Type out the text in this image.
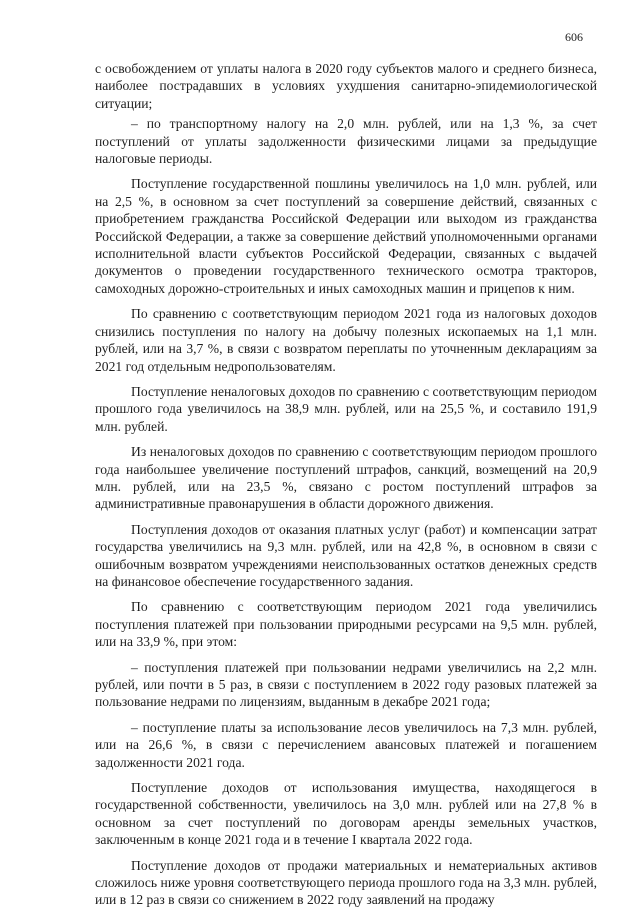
606

с освобождением от уплаты налога в 2020 году субъектов малого и среднего бизнеса, наиболее пострадавших в условиях ухудшения санитарно-эпидемиологической ситуации;

– по транспортному налогу на 2,0 млн. рублей, или на 1,3 %, за счет поступлений от уплаты задолженности физическими лицами за предыдущие налоговые периоды.

Поступление государственной пошлины увеличилось на 1,0 млн. рублей, или на 2,5 %, в основном за счет поступлений за совершение действий, связанных с приобретением гражданства Российской Федерации или выходом из гражданства Российской Федерации, а также за совершение действий уполномоченными органами исполнительной власти субъектов Российской Федерации, связанных с выдачей документов о проведении государственного технического осмотра тракторов, самоходных дорожно-строительных и иных самоходных машин и прицепов к ним.

По сравнению с соответствующим периодом 2021 года из налоговых доходов снизились поступления по налогу на добычу полезных ископаемых на 1,1 млн. рублей, или на 3,7 %, в связи с возвратом переплаты по уточненным декларациям за 2021 год отдельным недропользователям.

Поступление неналоговых доходов по сравнению с соответствующим периодом прошлого года увеличилось на 38,9 млн. рублей, или на 25,5 %, и составило 191,9 млн. рублей.

Из неналоговых доходов по сравнению с соответствующим периодом прошлого года наибольшее увеличение поступлений штрафов, санкций, возмещений на 20,9 млн. рублей, или на 23,5 %, связано с ростом поступлений штрафов за административные правонарушения в области дорожного движения.

Поступления доходов от оказания платных услуг (работ) и компенсации затрат государства увеличились на 9,3 млн. рублей, или на 42,8 %, в основном в связи с ошибочным возвратом учреждениями неиспользованных остатков денежных средств на финансовое обеспечение государственного задания.

По сравнению с соответствующим периодом 2021 года увеличились поступления платежей при пользовании природными ресурсами на 9,5 млн. рублей, или на 33,9 %, при этом:

– поступления платежей при пользовании недрами увеличились на 2,2 млн. рублей, или почти в 5 раз, в связи с поступлением в 2022 году разовых платежей за пользование недрами по лицензиям, выданным в декабре 2021 года;

– поступление платы за использование лесов увеличилось на 7,3 млн. рублей, или на 26,6 %, в связи с перечислением авансовых платежей и погашением задолженности 2021 года.

Поступление доходов от использования имущества, находящегося в государственной собственности, увеличилось на 3,0 млн. рублей или на 27,8 % в основном за счет поступлений по договорам аренды земельных участков, заключенным в конце 2021 года и в течение I квартала 2022 года.

Поступление доходов от продажи материальных и нематериальных активов сложилось ниже уровня соответствующего периода прошлого года на 3,3 млн. рублей, или в 12 раз в связи со снижением в 2022 году заявлений на продажу
